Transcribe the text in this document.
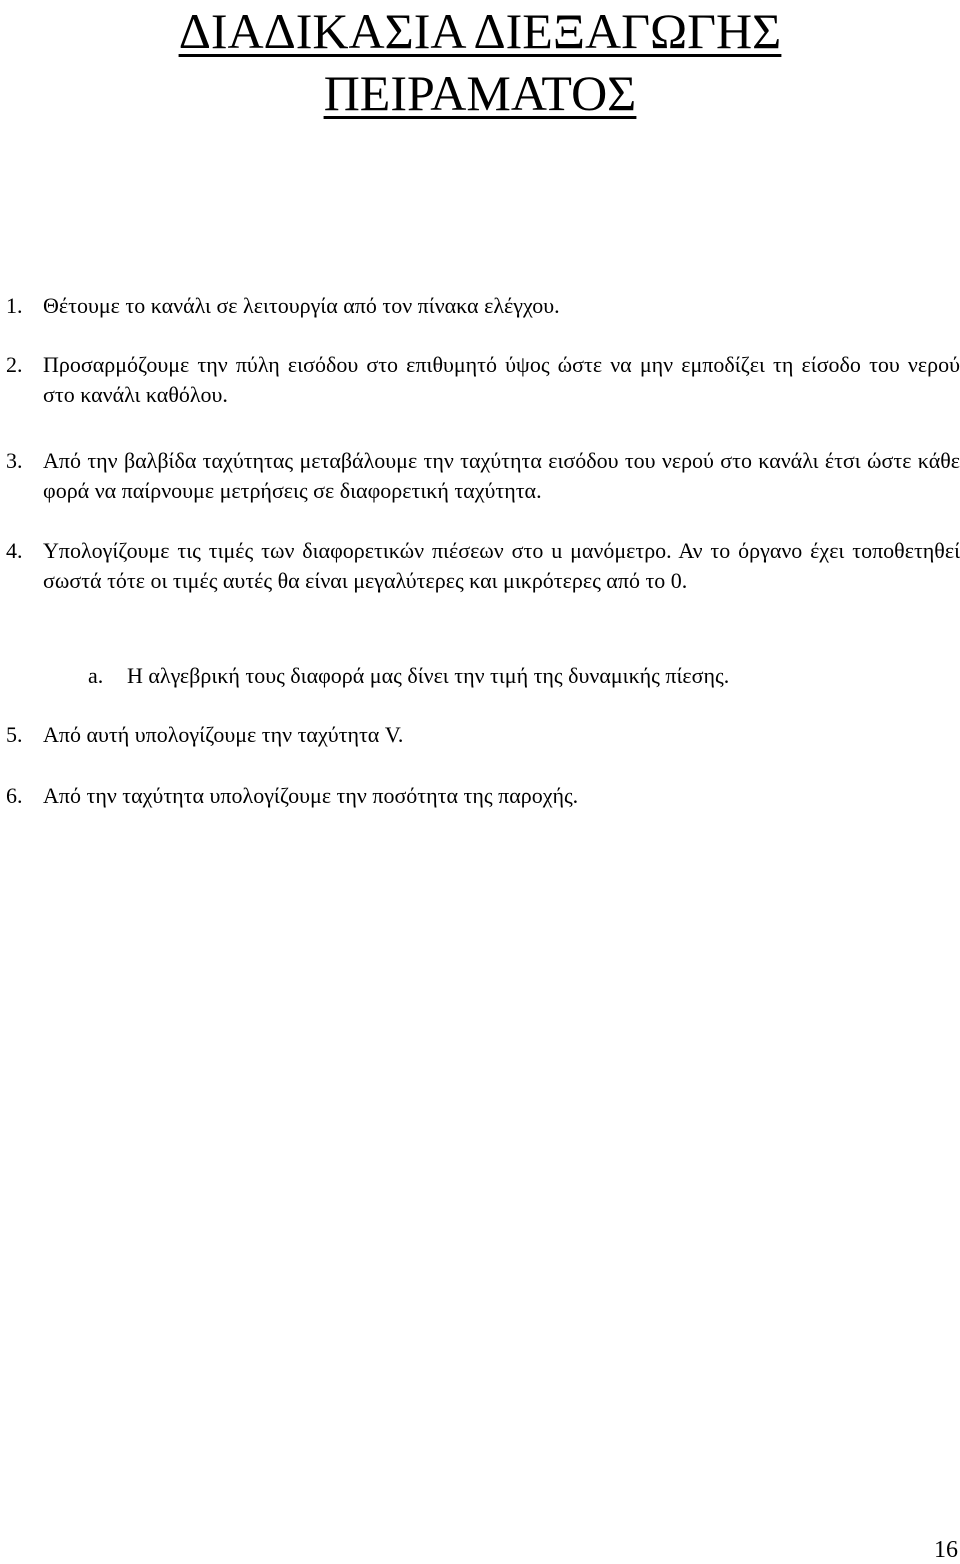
ΔΙΑΔΙΚΑΣΙΑ ΔΙΕΞΑΓΩΓΗΣ
ΠΕΙΡΑΜΑΤΟΣ
1. Θέτουμε το κανάλι σε λειτουργία από τον πίνακα ελέγχου.
2. Προσαρμόζουμε την πύλη εισόδου στο επιθυμητό ύψος ώστε να μην εμποδίζει τη είσοδο του νερού στο κανάλι καθόλου.
3. Από την βαλβίδα ταχύτητας μεταβάλουμε την ταχύτητα εισόδου του νερού στο κανάλι έτσι ώστε κάθε φορά να παίρνουμε μετρήσεις σε διαφορετική ταχύτητα.
4. Υπολογίζουμε τις τιμές των διαφορετικών πιέσεων στο u μανόμετρο. Αν το όργανο έχει τοποθετηθεί σωστά τότε οι τιμές αυτές θα είναι μεγαλύτερες και μικρότερες από το 0.
a.	Η αλγεβρική τους διαφορά μας δίνει την τιμή της δυναμικής πίεσης.
5. Από αυτή υπολογίζουμε την ταχύτητα V.
6. Από την ταχύτητα υπολογίζουμε την ποσότητα της παροχής.
16
